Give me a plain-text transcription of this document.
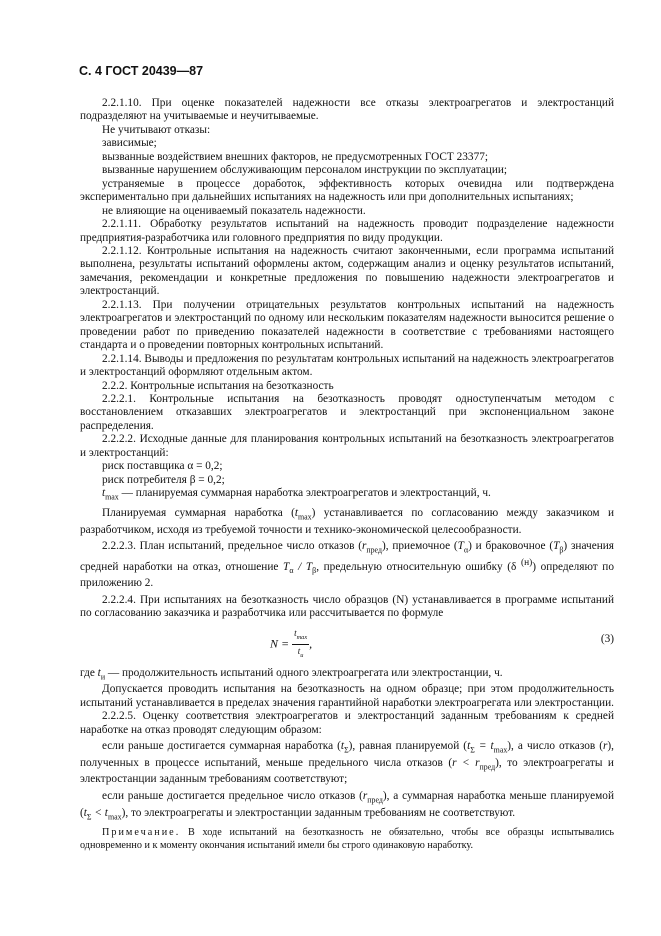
С. 4 ГОСТ 20439—87

2.2.1.10. При оценке показателей надежности все отказы электроагрегатов и электростанций подразделяют на учитываемые и неучитываемые.

Не учитывают отказы:

зависимые;

вызванные воздействием внешних факторов, не предусмотренных ГОСТ 23377;

вызванные нарушением обслуживающим персоналом инструкции по эксплуатации;

устраняемые в процессе доработок, эффективность которых очевидна или подтверждена экспериментально при дальнейших испытаниях на надежность или при дополнительных испытаниях;

не влияющие на оцениваемый показатель надежности.

2.2.1.11. Обработку результатов испытаний на надежность проводит подразделение надежности предприятия-разработчика или головного предприятия по виду продукции.

2.2.1.12. Контрольные испытания на надежность считают законченными, если программа испытаний выполнена, результаты испытаний оформлены актом, содержащим анализ и оценку результатов испытаний, замечания, рекомендации и конкретные предложения по повышению надежности электроагрегатов и электростанций.

2.2.1.13. При получении отрицательных результатов контрольных испытаний на надежность электроагрегатов и электростанций по одному или нескольким показателям надежности выносится решение о проведении работ по приведению показателей надежности в соответствие с требованиями настоящего стандарта и о проведении повторных контрольных испытаний.

2.2.1.14. Выводы и предложения по результатам контрольных испытаний на надежность электроагрегатов и электростанций оформляют отдельным актом.

2.2.2. Контрольные испытания на безотказность

2.2.2.1. Контрольные испытания на безотказность проводят одноступенчатым методом с восстановлением отказавших электроагрегатов и электростанций при экспоненциальном законе распределения.

2.2.2.2. Исходные данные для планирования контрольных испытаний на безотказность электроагрегатов и электростанций:

риск поставщика α = 0,2;

риск потребителя β = 0,2;

$t_{max}$ — планируемая суммарная наработка электроагрегатов и электростанций, ч.

Планируемая суммарная наработка $(t_{max})$ устанавливается по согласованию между заказчиком и разработчиком, исходя из требуемой точности и технико-экономической целесообразности.

2.2.2.3. План испытаний, предельное число отказов $(r_{пред})$, приемочное $(T_\alpha)$ и браковочное $(T_\beta)$ значения средней наработки на отказ, отношение $T_\alpha / T_\beta$, предельную относительную ошибку (δ $^{(н)}$) определяют по приложению 2.

2.2.2.4. При испытаниях на безотказность число образцов (N) устанавливается в программе испытаний по согласованию заказчика и разработчика или рассчитывается по формуле

$N = \frac{t_{max}}{t_и}$ ,	(3)

где $t_и$ — продолжительность испытаний одного электроагрегата или электростанции, ч.

Допускается проводить испытания на безотказность на одном образце; при этом продолжительность испытаний устанавливается в пределах значения гарантийной наработки электроагрегата или электростанции.

2.2.2.5. Оценку соответствия электроагрегатов и электростанций заданным требованиям к средней наработке на отказ проводят следующим образом:

если раньше достигается суммарная наработка $(t_\Sigma)$, равная планируемой $(t_\Sigma = t_{max})$, а число отказов (r), полученных в процессе испытаний, меньше предельного числа отказов $(r < r_{пред})$, то электроагрегаты и электростанции заданным требованиям соответствуют;

если раньше достигается предельное число отказов $(r_{пред})$, а суммарная наработка меньше планируемой $(t_\Sigma < t_{max})$, то электроагрегаты и электростанции заданным требованиям не соответствуют.

Примечание. В ходе испытаний на безотказность не обязательно, чтобы все образцы испытывались одновременно и к моменту окончания испытаний имели бы строго одинаковую наработку.
